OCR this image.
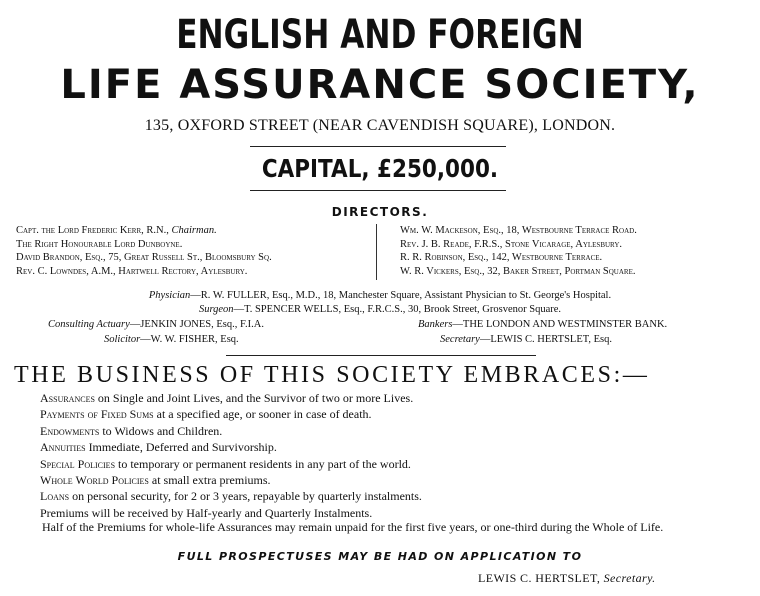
ENGLISH AND FOREIGN
LIFE ASSURANCE SOCIETY,
135, OXFORD STREET (NEAR CAVENDISH SQUARE), LONDON.
CAPITAL, £250,000.
DIRECTORS.
Capt. the Lord Frederic Kerr, R.N., Chairman.
The Right Honourable Lord Dunboyne.
David Brandon, Esq., 75, Great Russell St., Bloomsbury Sq.
Rev. C. Lowndes, A.M., Hartwell Rectory, Aylesbury.
Wm. W. Mackeson, Esq., 18, Westbourne Terrace Road.
Rev. J. B. Reade, F.R.S., Stone Vicarage, Aylesbury.
R. R. Robinson, Esq., 142, Westbourne Terrace.
W. R. Vickers, Esq., 32, Baker Street, Portman Square.
Physician—R. W. FULLER, Esq., M.D., 18, Manchester Square, Assistant Physician to St. George's Hospital.
Surgeon—T. SPENCER WELLS, Esq., F.R.C.S., 30, Brook Street, Grosvenor Square.
Consulting Actuary—JENKIN JONES, Esq., F.I.A.	Bankers—THE LONDON AND WESTMINSTER BANK.
Solicitor—W. W. FISHER, Esq.	Secretary—LEWIS C. HERTSLET, Esq.
THE BUSINESS OF THIS SOCIETY EMBRACES:—
Assurances on Single and Joint Lives, and the Survivor of two or more Lives.
Payments of Fixed Sums at a specified age, or sooner in case of death.
Endowments to Widows and Children.
Annuities Immediate, Deferred and Survivorship.
Special Policies to temporary or permanent residents in any part of the world.
Whole World Policies at small extra premiums.
Loans on personal security, for 2 or 3 years, repayable by quarterly instalments.
Premiums will be received by Half-yearly and Quarterly Instalments.
Half of the Premiums for whole-life Assurances may remain unpaid for the first five years, or one-third during the Whole of Life.
FULL PROSPECTUSES MAY BE HAD ON APPLICATION TO
LEWIS C. HERTSLET, Secretary.
